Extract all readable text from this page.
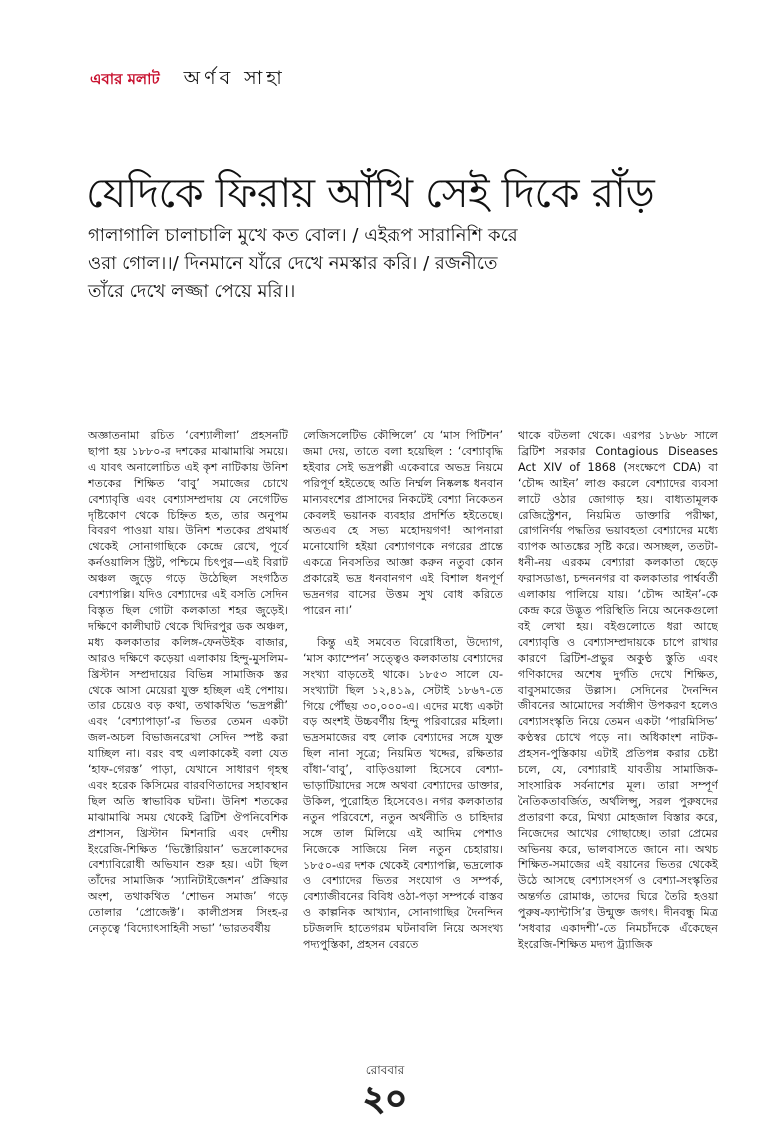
এবার মলাট অর্ণব সাহা
যেদিকে ফিরায় আঁখি সেই দিকে রাঁড়

গালাগালি চালাচালি মুখে কত বোল। / এইরূপ সারানিশি করে

ওরা গোল।।/ দিনমানে যাঁরে দেখে নমস্কার করি। / রজনীতে

তাঁরে দেখে লজ্জা পেয়ে মরি।।

অজ্ঞাতনামা রচিত ‘বেশ্যালীলা’ প্রহসনটি ছাপা হয় ১৮৮০-র দশকের মাঝামাঝি সময়ে। এ যাবৎ অনালোচিত এই কৃশ নাটিকায় উনিশ শতকের শিক্ষিত ‘বাবু’ সমাজের চোখে বেশ্যাবৃত্তি এবং বেশ্যাসম্প্রদায় যে নেগেটিভ দৃষ্টিকোণ থেকে চিহ্নিত হত, তার অনুপম বিবরণ পাওয়া যায়। উনিশ শতকের প্রথমার্ধ থেকেই সোনাগাছিকে কেন্দ্রে রেখে, পূর্বে কর্নওয়ালিস স্ট্রিট, পশ্চিমে চিৎপুর—এই বিরাট অঞ্চল জুড়ে গড়ে উঠেছিল সংগঠিত বেশ্যাপল্লি। যদিও বেশ্যাদের এই বসতি সেদিন বিস্তৃত ছিল গোটা কলকাতা শহর জুড়েই। দক্ষিণে কালীঘাট থেকে খিদিরপুর ডক অঞ্চল, মধ্য কলকাতার কলিঙ্গ-ফেনউইক বাজার, আরও দক্ষিণে কড়েয়া এলাকায় হিন্দু-মুসলিম-খ্রিস্টান সম্প্রদায়ের বিভিন্ন সামাজিক স্তর থেকে আসা মেয়েরা যুক্ত হচ্ছিল এই পেশায়। তার চেয়েও বড় কথা, তথাকথিত ‘ভদ্রপল্লী’ এবং ‘বেশ্যাপাড়া’-র ভিতর তেমন একটা জল-অচল বিভাজনরেখা সেদিন স্পষ্ট করা যাচ্ছিল না। বরং বহু এলাকাকেই বলা যেত ‘হাফ-গেরস্ত’ পাড়া, যেখানে সাধারণ গৃহস্থ এবং হরেক কিসিমের বারবণিতাদের সহাবস্থান ছিল অতি স্বাভাবিক ঘটনা। উনিশ শতকের মাঝামাঝি সময় থেকেই ব্রিটিশ ঔপনিবেশিক প্রশাসন, খ্রিস্টান মিশনারি এবং দেশীয় ইংরেজি-শিক্ষিত ‘ভিক্টোরিয়ান’ ভদ্রলোকদের বেশ্যাবিরোধী অভিযান শুরু হয়। এটা ছিল তাঁদের সামাজিক ‘স্যানিটাইজেশন’ প্রক্রিয়ার অংশ, তথাকথিত ‘শোভন সমাজ’ গড়ে তোলার ‘প্রোজেক্ট’। কালীপ্রসন্ন সিংহ-র নেতৃত্বে ‘বিদ্যোৎসাহিনী সভা’ ‘ভারতবর্ষীয়

লেজিসলেটিভ কৌন্সিলে’ যে ‘মাস পিটিশন’ জমা দেয়, তাতে বলা হয়েছিল : ‘বেশ্যাবৃদ্ধি হইবার সেই ভদ্রপল্লী একেবারে অভদ্র নিয়মে পরিপূর্ণ হইতেছে অতি নির্ম্মল নিষ্কলঙ্ক ধনবান মান্যবংশের প্রাসাদের নিকটেই বেশ্যা নিকেতন কেবলই ভয়ানক ব্যবহার প্রদর্শিত হইতেছে। অতএব হে সভ্য মহোদয়গণ! আপনারা মনোযোগি হইয়া বেশ্যাগণকে নগরের প্রান্তে একত্রে নিবসতির আজ্ঞা করুন নতুবা কোন প্রকারেই ভদ্র ধনবানগণ এই বিশাল ধনপূর্ণ ভদ্রনগর বাসের উত্তম সুখ বোধ করিতে পারেন না।’

কিন্তু এই সমবেত বিরোধিতা, উদ্যোগ, ‘মাস ক্যাম্পেন’ সত্ত্বেও কলকাতায় বেশ্যাদের সংখ্যা বাড়তেই থাকে। ১৮৫৩ সালে যে-সংখ্যাটা ছিল ১২,৪১৯, সেটাই ১৮৬৭-তে গিয়ে পৌঁছয় ৩০,০০০-এ। এদের মধ্যে একটা বড় অংশই উচ্চবর্ণীয় হিন্দু পরিবারের মহিলা। ভদ্রসমাজের বহু লোক বেশ্যাদের সঙ্গে যুক্ত ছিল নানা সূত্রে; নিয়মিত খদ্দের, রক্ষিতার বাঁধা-‘বাবু’, বাড়িওয়ালা হিসেবে বেশ্যা-ভাড়াটিয়াদের সঙ্গে অথবা বেশ্যাদের ডাক্তার, উকিল, পুরোহিত হিসেবেও। নগর কলকাতার নতুন পরিবেশে, নতুন অর্থনীতি ও চাহিদার সঙ্গে তাল মিলিয়ে এই আদিম পেশাও নিজেকে সাজিয়ে নিল নতুন চেহারায়। ১৮৫০-এর দশক থেকেই বেশ্যাপল্লি, ভদ্রলোক ও বেশ্যাদের ভিতর সংযোগ ও সম্পর্ক, বেশ্যাজীবনের বিবিধ ওঠা-পড়া সম্পর্কে বাস্তব ও কাল্পনিক আখ্যান, সোনাগাছির দৈনন্দিন চটজলদি হাতেগরম ঘটনাবলি নিয়ে অসংখ্য পদ্যপুস্তিকা, প্রহসন বেরতে

থাকে বটতলা থেকে। এরপর ১৮৬৮ সালে ব্রিটিশ সরকার Contagious Diseases Act XIV of 1868 (সংক্ষেপে CDA) বা ‘চৌদ্দ আইন’ লাগু করলে বেশ্যাদের ব্যবসা লাটে ওঠার জোগাড় হয়। বাধ্যতামূলক রেজিস্ট্রেশন, নিয়মিত ডাক্তারি পরীক্ষা, রোগনির্ণয় পদ্ধতির ভয়াবহতা বেশ্যাদের মধ্যে ব্যাপক আতঙ্কের সৃষ্টি করে। অসচ্ছল, ততটা-ধনী-নয় এরকম বেশ্যারা কলকাতা ছেড়ে ফরাসডাঙা, চন্দননগর বা কলকাতার পার্শ্ববর্তী এলাকায় পালিয়ে যায়। ‘চৌদ্দ আইন’-কে কেন্দ্র করে উদ্ভূত পরিস্থিতি নিয়ে অনেকগুলো বই লেখা হয়। বইগুলোতে ধরা আছে বেশ্যাবৃত্তি ও বেশ্যাসম্প্রদায়কে চাপে রাখার কারণে ব্রিটিশ-প্রভুর অকুণ্ঠ স্তুতি এবং গণিকাদের অশেষ দুর্গতি দেখে শিক্ষিত, বাবুসমাজের উল্লাস। সেদিনের দৈনন্দিন জীবনের আমোদের সর্বাঙ্গীণ উপকরণ হলেও বেশ্যাসংস্কৃতি নিয়ে তেমন একটা ‘পারমিসিভ’ কণ্ঠস্বর চোখে পড়ে না। অধিকাংশ নাটক-প্রহসন-পুস্তিকায় এটাই প্রতিপন্ন করার চেষ্টা চলে, যে, বেশ্যারাই যাবতীয় সামাজিক-সাংসারিক সর্বনাশের মূল। তারা সম্পূর্ণ নৈতিকতাবর্জিত, অর্থলিপ্সু, সরল পুরুষদের প্রতারণা করে, মিথ্যা মোহজাল বিস্তার করে, নিজেদের আখের গোছাচ্ছে। তারা প্রেমের অভিনয় করে, ভালবাসতে জানে না। অথচ শিক্ষিত-সমাজের এই বয়ানের ভিতর থেকেই উঠে আসছে বেশ্যাসংসর্গ ও বেশ্যা-সংস্কৃতির অন্তর্গত রোমাঞ্চ, তাদের ঘিরে তৈরি হওয়া পুরুষ-ফ্যান্টাসি’র উন্মুক্ত জগৎ। দীনবন্ধু মিত্র ‘সধবার একাদশী’-তে নিমচাঁদকে এঁকেছেন ইংরেজি-শিক্ষিত মদ্যপ ট্র্যাজিক

রোববার
২০
